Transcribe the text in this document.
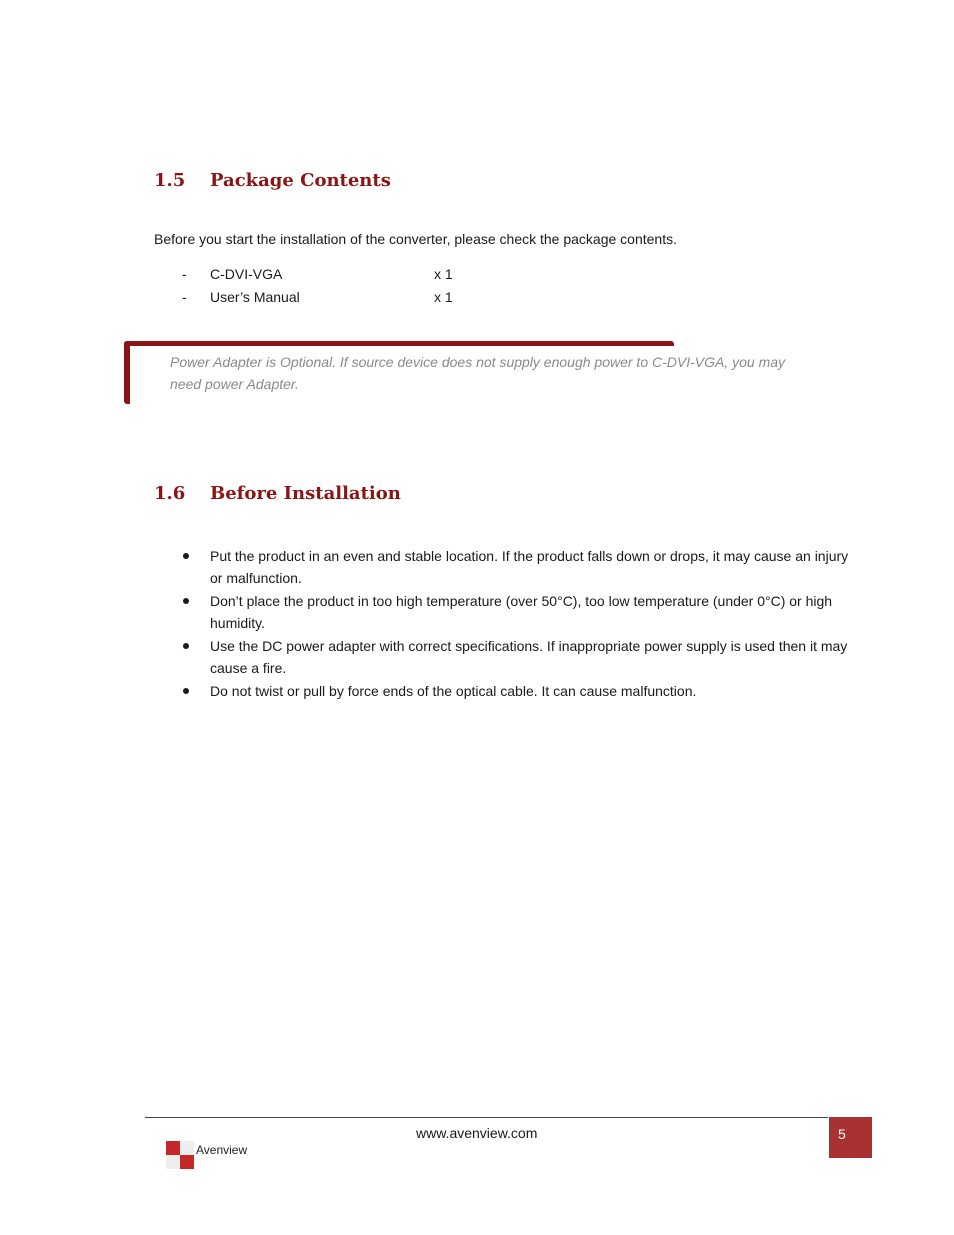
1.5 Package Contents
Before you start the installation of the converter, please check the package contents.
- C-DVI-VGA	x 1
- User’s Manual	x 1
Power Adapter is Optional. If source device does not supply enough power to C-DVI-VGA, you may need power Adapter.
1.6 Before Installation
Put the product in an even and stable location. If the product falls down or drops, it may cause an injury or malfunction.
Don’t place the product in too high temperature (over 50°C), too low temperature (under 0°C) or high humidity.
Use the DC power adapter with correct specifications. If inappropriate power supply is used then it may cause a fire.
Do not twist or pull by force ends of the optical cable. It can cause malfunction.
www.avenview.com	5
Avenview
